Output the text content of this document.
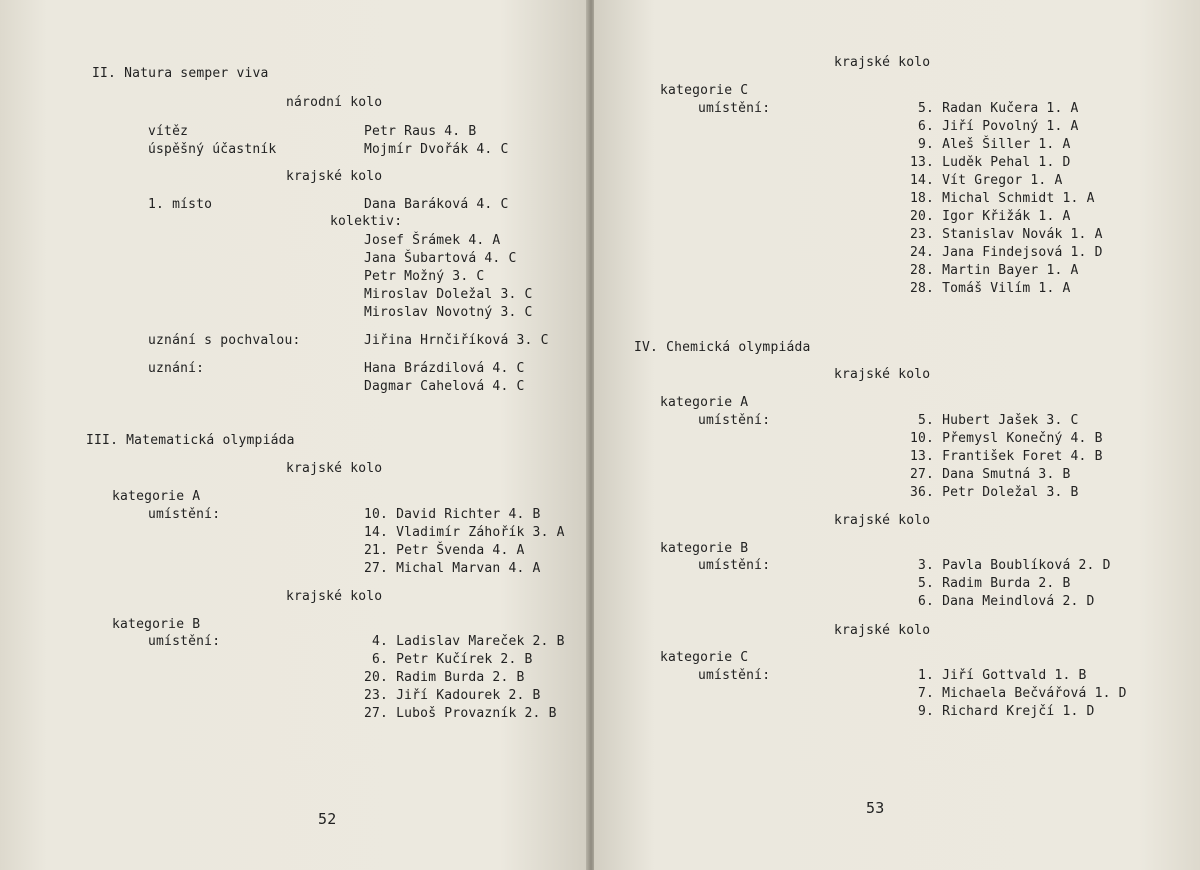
II. Natura semper viva
národní kolo
vítěz	Petr Raus 4. B
úspěšný účastník	Mojmír Dvořák 4. C
krajské kolo
1. místo	Dana Baráková 4. C
kolektiv:
Josef Šrámek 4. A
Jana Šubartová 4. C
Petr Možný 3. C
Miroslav Doležal 3. C
Miroslav Novotný 3. C
uznání s pochvalou:	Jiřina Hrnčiříková 3. C
uznání:	Hana Brázdilová 4. C
Dagmar Cahelová 4. C
III. Matematická olympiáda
krajské kolo
kategorie A
umístění:	10. David Richter 4. B
14. Vladimír Záhořík 3. A
21. Petr Švenda 4. A
27. Michal Marvan 4. A
krajské kolo
kategorie B
umístění:	4. Ladislav Mareček 2. B
6. Petr Kučírek 2. B
20. Radim Burda 2. B
23. Jiří Kadourek 2. B
27. Luboš Provazník 2. B
52
krajské kolo
kategorie C
umístění:	5. Radan Kučera 1. A
6. Jiří Povolný 1. A
9. Aleš Šiller 1. A
13. Luděk Pehal 1. D
14. Vít Gregor 1. A
18. Michal Schmidt 1. A
20. Igor Křižák 1. A
23. Stanislav Novák 1. A
24. Jana Findejsová 1. D
28. Martin Bayer 1. A
28. Tomáš Vilím 1. A
IV. Chemická olympiáda
krajské kolo
kategorie A
umístění:	5. Hubert Jašek 3. C
10. Přemysl Konečný 4. B
13. František Foret 4. B
27. Dana Smutná 3. B
36. Petr Doležal 3. B
krajské kolo
kategorie B
umístění:	3. Pavla Boublíková 2. D
5. Radim Burda 2. B
6. Dana Meindlová 2. D
krajské kolo
kategorie C
umístění:	1. Jiří Gottvald 1. B
7. Michaela Bečvářová 1. D
9. Richard Krejčí 1. D
53
